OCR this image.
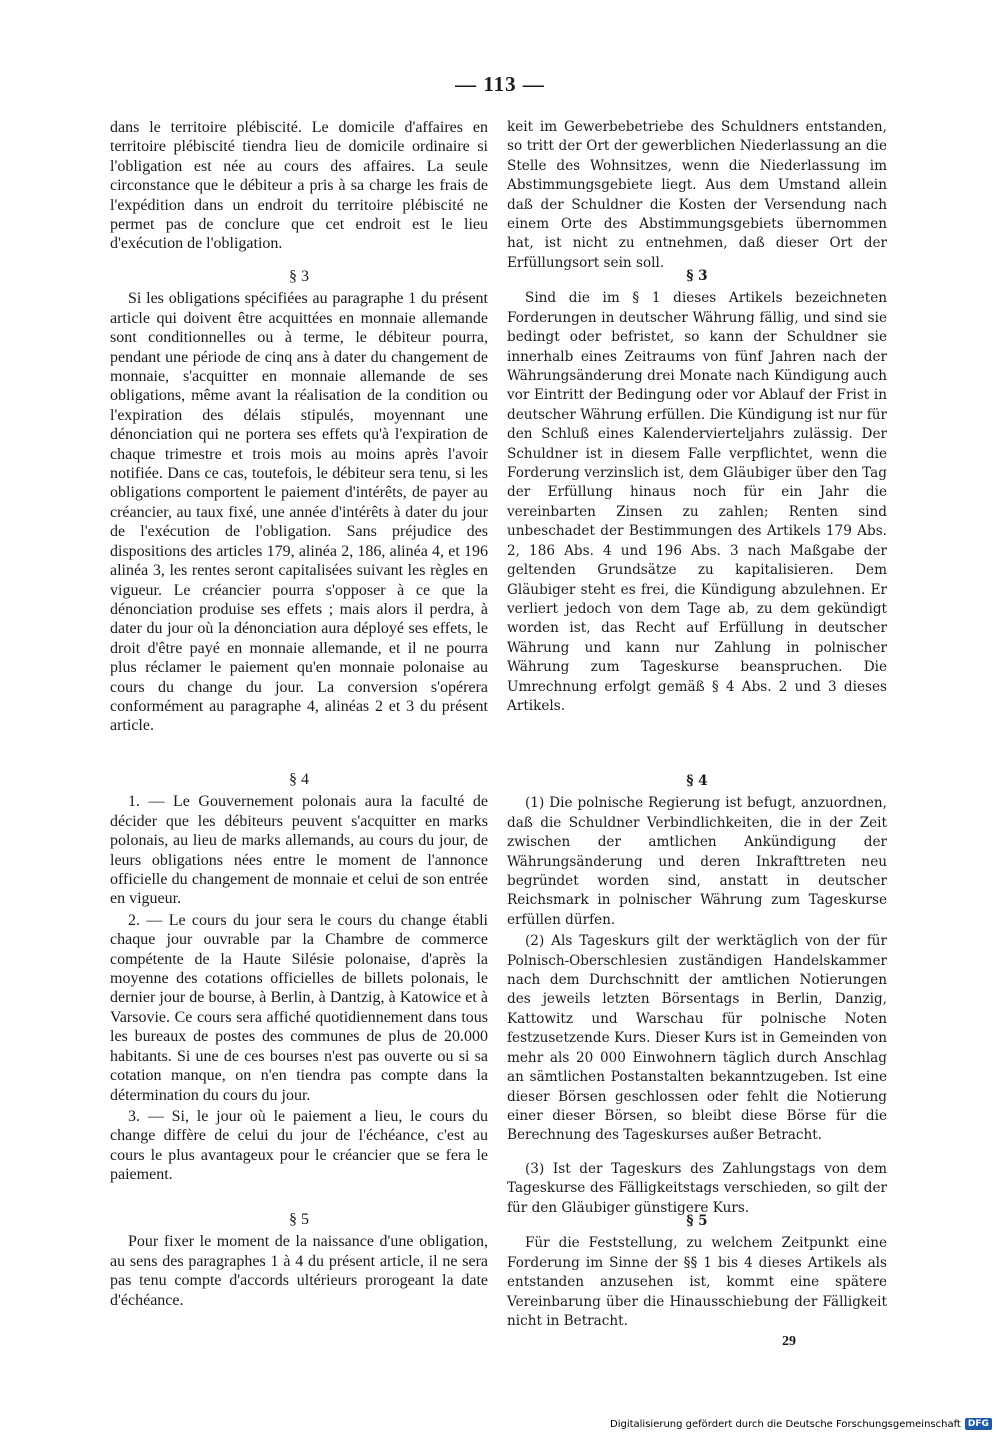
— 113 —

dans le territoire plébiscité. Le domicile d'affaires en territoire plébiscité tiendra lieu de domicile ordinaire si l'obligation est née au cours des affaires. La seule circonstance que le débiteur a pris à sa charge les frais de l'expédition dans un endroit du territoire plébiscité ne permet pas de conclure que cet endroit est le lieu d'exécution de l'obligation.

§ 3

Si les obligations spécifiées au paragraphe 1 du présent article qui doivent être acquittées en monnaie allemande sont conditionnelles ou à terme, le débiteur pourra, pendant une période de cinq ans à dater du changement de monnaie, s'acquitter en monnaie allemande de ses obligations, même avant la réalisation de la condition ou l'expiration des délais stipulés, moyennant une dénonciation qui ne portera ses effets qu'à l'expiration de chaque trimestre et trois mois au moins après l'avoir notifiée. Dans ce cas, toutefois, le débiteur sera tenu, si les obligations comportent le paiement d'intérêts, de payer au créancier, au taux fixé, une année d'intérêts à dater du jour de l'exécution de l'obligation. Sans préjudice des dispositions des articles 179, alinéa 2, 186, alinéa 4, et 196 alinéa 3, les rentes seront capitalisées suivant les règles en vigueur. Le créancier pourra s'opposer à ce que la dénonciation produise ses effets ; mais alors il perdra, à dater du jour où la dénonciation aura déployé ses effets, le droit d'être payé en monnaie allemande, et il ne pourra plus réclamer le paiement qu'en monnaie polonaise au cours du change du jour. La conversion s'opérera conformément au paragraphe 4, alinéas 2 et 3 du présent article.

§ 4

1. — Le Gouvernement polonais aura la faculté de décider que les débiteurs peuvent s'acquitter en marks polonais, au lieu de marks allemands, au cours du jour, de leurs obligations nées entre le moment de l'annonce officielle du changement de monnaie et celui de son entrée en vigueur.

2. — Le cours du jour sera le cours du change établi chaque jour ouvrable par la Chambre de commerce compétente de la Haute Silésie polonaise, d'après la moyenne des cotations officielles de billets polonais, le dernier jour de bourse, à Berlin, à Dantzig, à Katowice et à Varsovie. Ce cours sera affiché quotidiennement dans tous les bureaux de postes des communes de plus de 20.000 habitants. Si une de ces bourses n'est pas ouverte ou si sa cotation manque, on n'en tiendra pas compte dans la détermination du cours du jour.

3. — Si, le jour où le paiement a lieu, le cours du change diffère de celui du jour de l'échéance, c'est au cours le plus avantageux pour le créancier que se fera le paiement.

§ 5

Pour fixer le moment de la naissance d'une obligation, au sens des paragraphes 1 à 4 du présent article, il ne sera pas tenu compte d'accords ultérieurs prorogeant la date d'échéance.

keit im Gewerbebetriebe des Schuldners entstanden, so tritt der Ort der gewerblichen Niederlassung an die Stelle des Wohnsitzes, wenn die Niederlassung im Abstimmungsgebiete liegt. Aus dem Umstand allein daß der Schuldner die Kosten der Versendung nach einem Orte des Abstimmungsgebiets übernommen hat, ist nicht zu entnehmen, daß dieser Ort der Erfüllungsort sein soll.

§ 3

Sind die im § 1 dieses Artikels bezeichneten Forderungen in deutscher Währung fällig, und sind sie bedingt oder befristet, so kann der Schuldner sie innerhalb eines Zeitraums von fünf Jahren nach der Währungsänderung drei Monate nach Kündigung auch vor Eintritt der Bedingung oder vor Ablauf der Frist in deutscher Währung erfüllen. Die Kündigung ist nur für den Schluß eines Kalendervierteljahrs zulässig. Der Schuldner ist in diesem Falle verpflichtet, wenn die Forderung verzinslich ist, dem Gläubiger über den Tag der Erfüllung hinaus noch für ein Jahr die vereinbarten Zinsen zu zahlen; Renten sind unbeschadet der Bestimmungen des Artikels 179 Abs. 2, 186 Abs. 4 und 196 Abs. 3 nach Maßgabe der geltenden Grundsätze zu kapitalisieren. Dem Gläubiger steht es frei, die Kündigung abzulehnen. Er verliert jedoch von dem Tage ab, zu dem gekündigt worden ist, das Recht auf Erfüllung in deutscher Währung und kann nur Zahlung in polnischer Währung zum Tageskurse beanspruchen. Die Umrechnung erfolgt gemäß § 4 Abs. 2 und 3 dieses Artikels.

§ 4

(1) Die polnische Regierung ist befugt, anzuordnen, daß die Schuldner Verbindlichkeiten, die in der Zeit zwischen der amtlichen Ankündigung der Währungsänderung und deren Inkrafttreten neu begründet worden sind, anstatt in deutscher Reichsmark in polnischer Währung zum Tageskurse erfüllen dürfen.

(2) Als Tageskurs gilt der werktäglich von der für Polnisch-Oberschlesien zuständigen Handelskammer nach dem Durchschnitt der amtlichen Notierungen des jeweils letzten Börsentags in Berlin, Danzig, Kattowitz und Warschau für polnische Noten festzusetzende Kurs. Dieser Kurs ist in Gemeinden von mehr als 20 000 Einwohnern täglich durch Anschlag an sämtlichen Postanstalten bekanntzugeben. Ist eine dieser Börsen geschlossen oder fehlt die Notierung einer dieser Börsen, so bleibt diese Börse für die Berechnung des Tageskurses außer Betracht.

(3) Ist der Tageskurs des Zahlungstags von dem Tageskurse des Fälligkeitstags verschieden, so gilt der für den Gläubiger günstigere Kurs.

§ 5

Für die Feststellung, zu welchem Zeitpunkt eine Forderung im Sinne der §§ 1 bis 4 dieses Artikels als entstanden anzusehen ist, kommt eine spätere Vereinbarung über die Hinausschiebung der Fälligkeit nicht in Betracht.

29
Digitalisierung gefördert durch die Deutsche Forschungsgemeinschaft DFG
